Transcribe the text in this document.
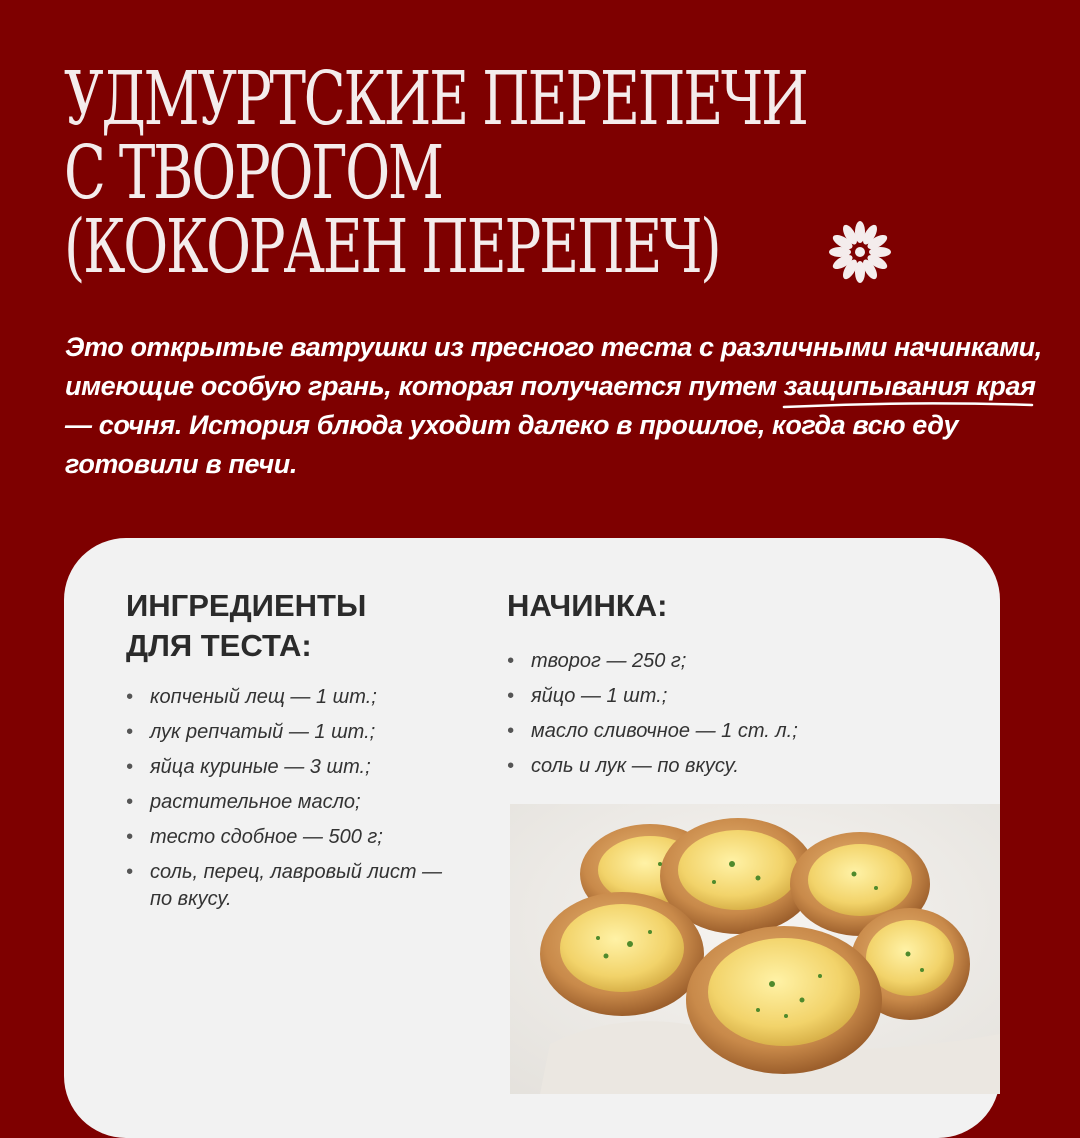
УДМУРТСКИЕ ПЕРЕПЕЧИ
С ТВОРОГОМ
(КОКОРАЕН ПЕРЕПЕЧ)

Это открытые ватрушки из пресного теста с различными начинками, имеющие особую грань, которая получается путем защипывания края
— сочня. История блюда уходит далеко в прошлое, когда всю еду готовили в печи.

ИНГРЕДИЕНТЫ
ДЛЯ ТЕСТА:
• копченый лещ — 1 шт.;
• лук репчатый — 1 шт.;
• яйца куриные — 3 шт.;
• растительное масло;
• тесто сдобное — 500 г;
• соль, перец, лавровый лист — по вкусу.
НАЧИНКА:
• творог — 250 г;
• яйцо — 1 шт.;
• масло сливочное — 1 ст. л.;
• соль и лук — по вкусу.
